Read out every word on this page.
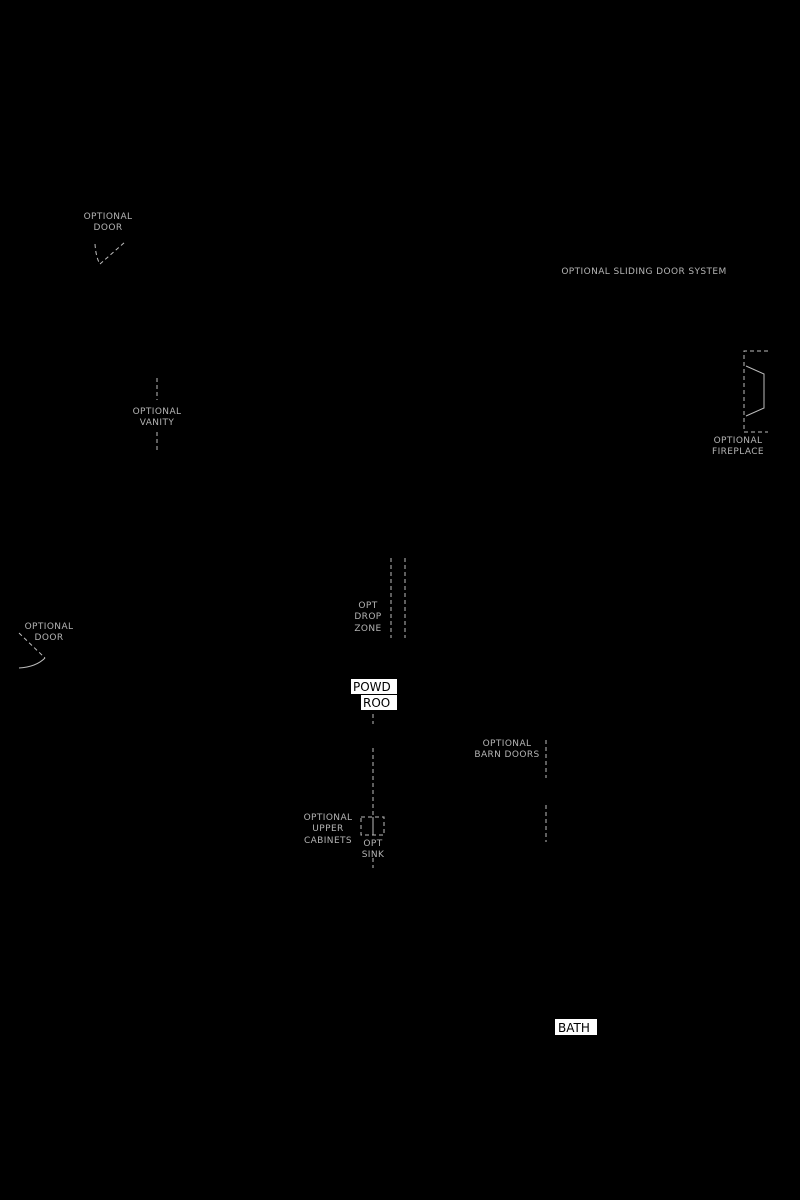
OPTIONAL
DOOR
OPTIONAL SLIDING DOOR SYSTEM
OPTIONAL
VANITY
OPTIONAL
FIREPLACE
OPT
DROP
ZONE
OPTIONAL
DOOR
POWD
ROO
OPTIONAL
BARN DOORS
OPTIONAL
UPPER
CABINETS OPT
SINK
BATH
